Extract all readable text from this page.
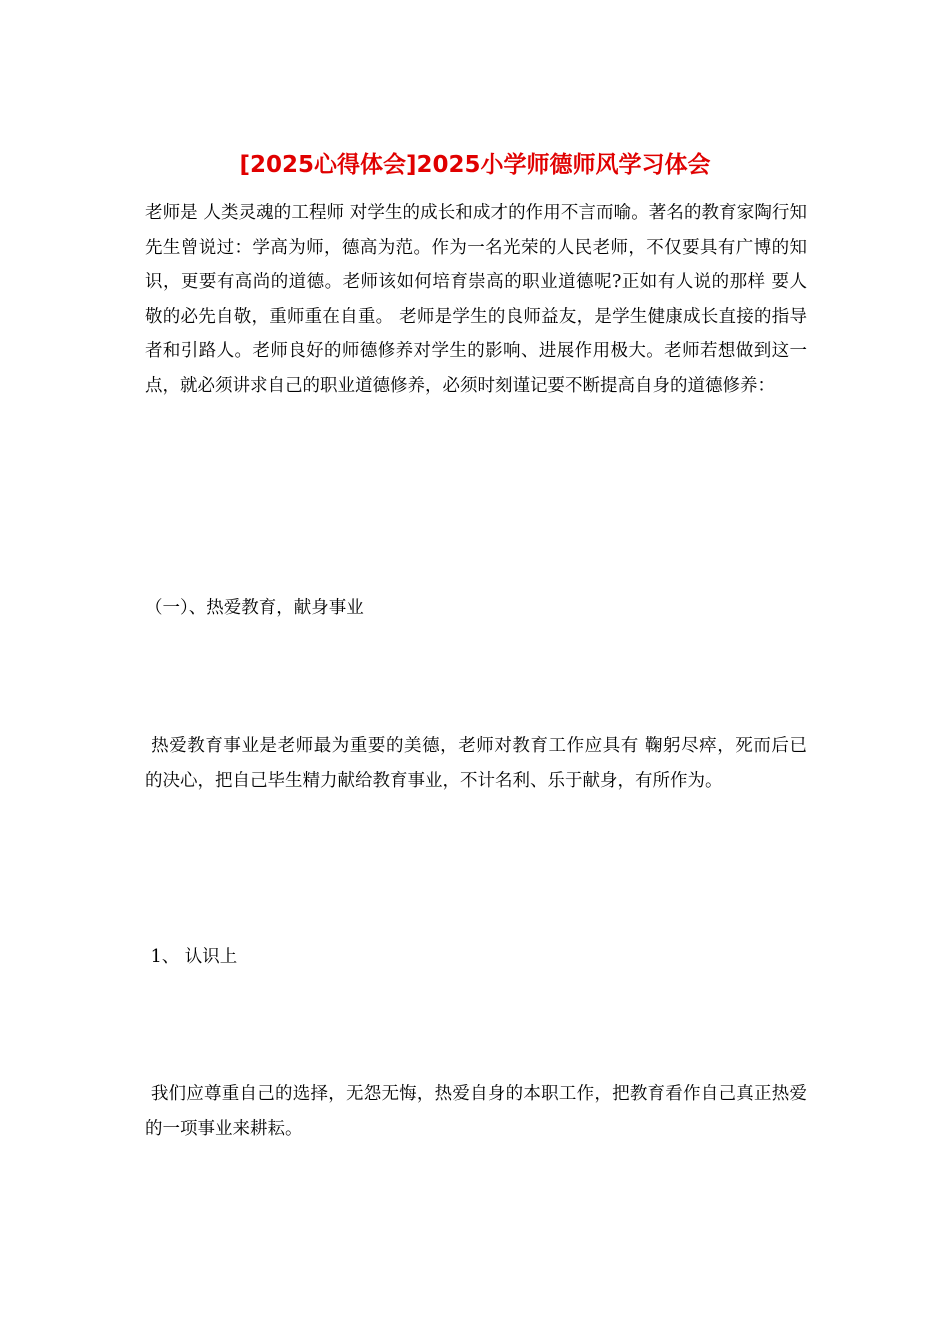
[2025心得体会]2025小学师德师风学习体会
老师是 人类灵魂的工程师 对学生的成长和成才的作用不言而喻。著名的教育家陶行知先生曾说过：学高为师，德高为范。作为一名光荣的人民老师，不仅要具有广博的知识，更要有高尚的道德。老师该如何培育崇高的职业道德呢?正如有人说的那样 要人敬的必先自敬，重师重在自重。 老师是学生的良师益友，是学生健康成长直接的指导者和引路人。老师良好的师德修养对学生的影响、进展作用极大。老师若想做到这一点，就必须讲求自己的职业道德修养，必须时刻谨记要不断提高自身的道德修养：
（一）、热爱教育，献身事业
热爱教育事业是老师最为重要的美德，老师对教育工作应具有 鞠躬尽瘁，死而后已 的决心，把自己毕生精力献给教育事业，不计名利、乐于献身，有所作为。
1、 认识上
我们应尊重自己的选择，无怨无悔，热爱自身的本职工作，把教育看作自己真正热爱的一项事业来耕耘。
